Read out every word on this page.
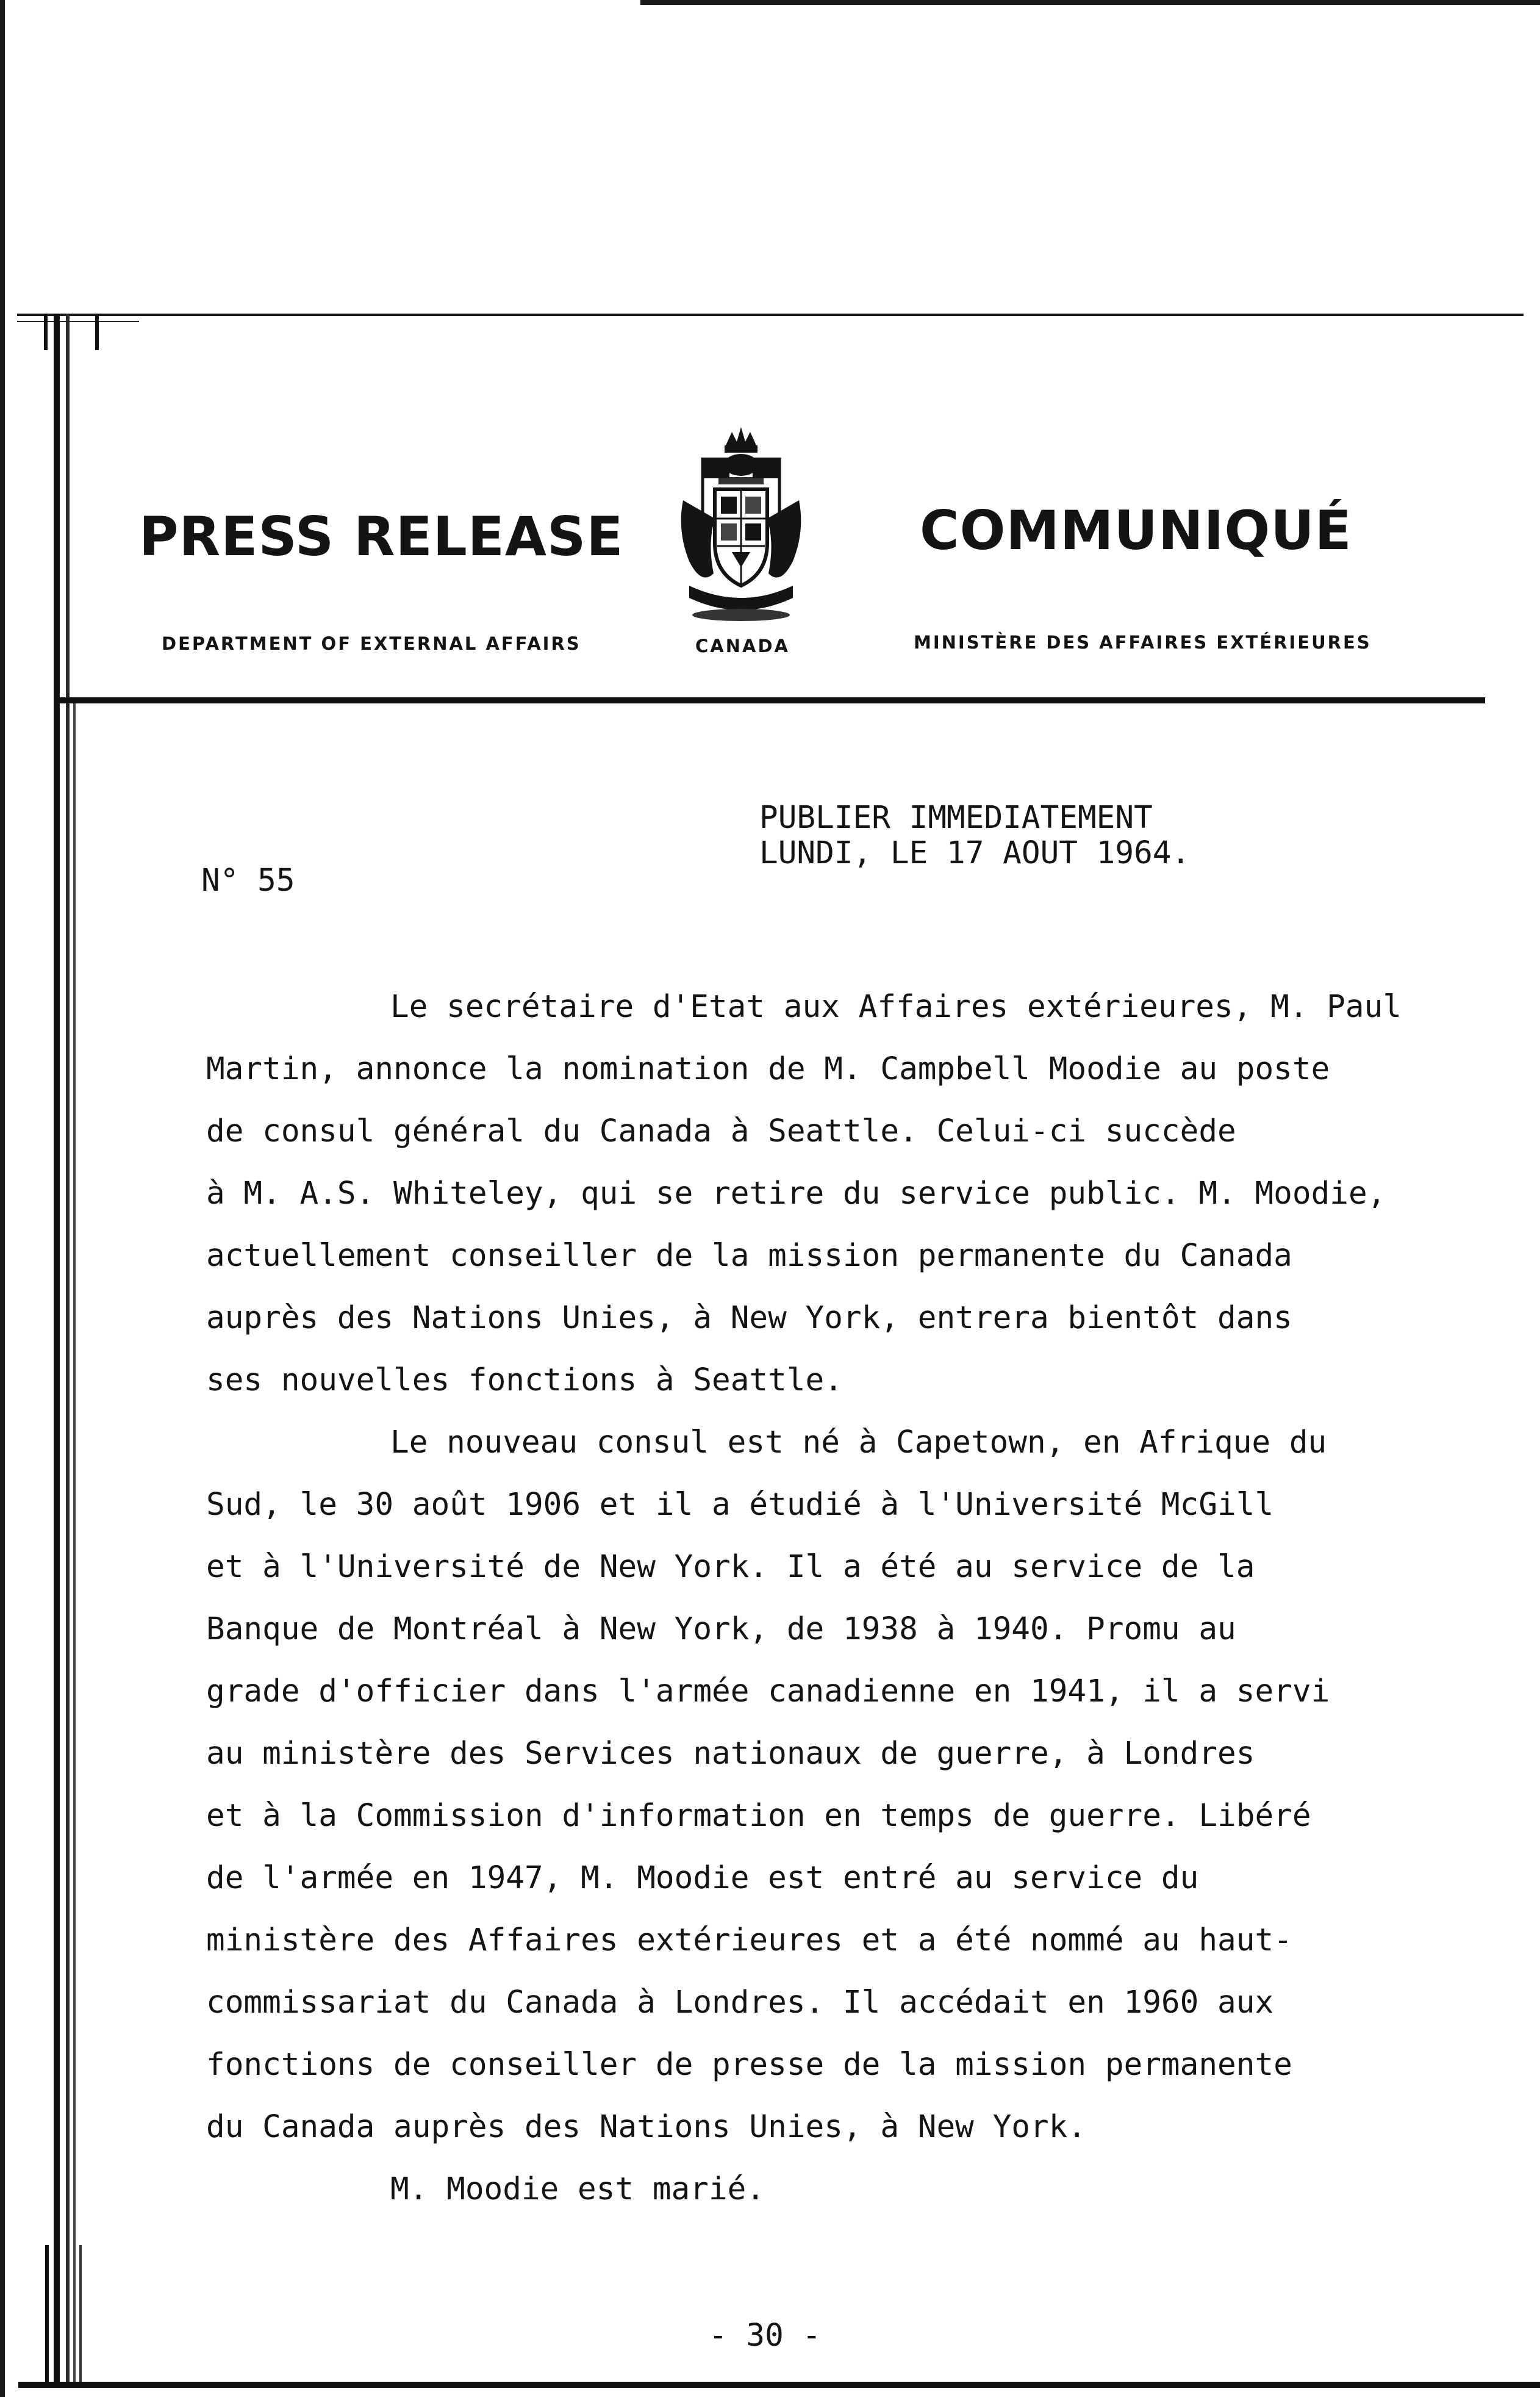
PRESS RELEASE
DEPARTMENT OF EXTERNAL AFFAIRS	CANADA
COMMUNIQUÉ
MINISTÈRE DES AFFAIRES EXTÉRIEURES
PUBLIER IMMEDIATEMENT
LUNDI, LE 17 AOUT 1964.
N° 55
Le secrétaire d'Etat aux Affaires extérieures, M. Paul
Martin, annonce la nomination de M. Campbell Moodie au poste
de consul général du Canada à Seattle. Celui-ci succède
à M. A.S. Whiteley, qui se retire du service public. M. Moodie,
actuellement conseiller de la mission permanente du Canada
auprès des Nations Unies, à New York, entrera bientôt dans
ses nouvelles fonctions à Seattle.
Le nouveau consul est né à Capetown, en Afrique du
Sud, le 30 août 1906 et il a étudié à l'Université McGill
et à l'Université de New York. Il a été au service de la
Banque de Montréal à New York, de 1938 à 1940. Promu au
grade d'officier dans l'armée canadienne en 1941, il a servi
au ministère des Services nationaux de guerre, à Londres
et à la Commission d'information en temps de guerre. Libéré
de l'armée en 1947, M. Moodie est entré au service du
ministère des Affaires extérieures et a été nommé au haut-
commissariat du Canada à Londres. Il accédait en 1960 aux
fonctions de conseiller de presse de la mission permanente
du Canada auprès des Nations Unies, à New York.
M. Moodie est marié.
- 30 -
